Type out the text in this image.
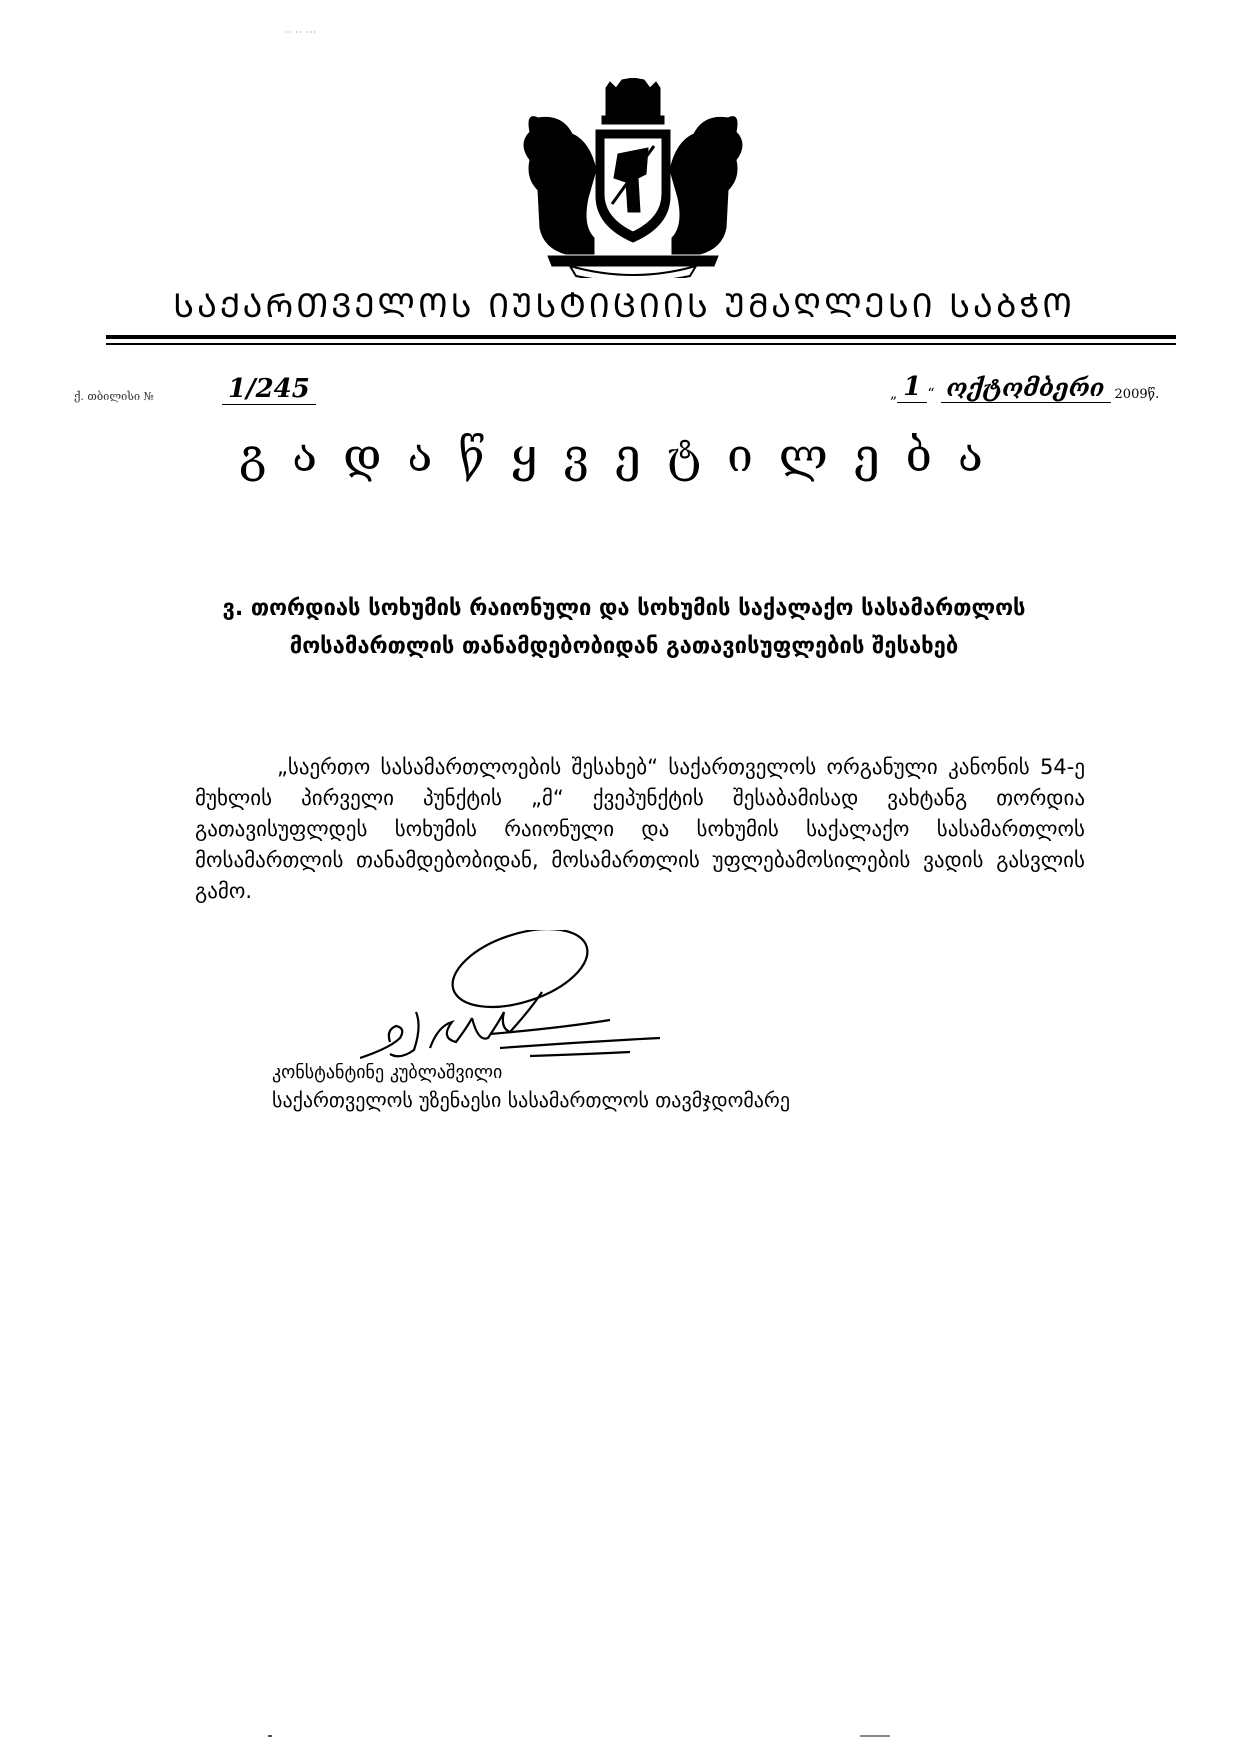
·· ·· ···
ᲡᲐᲥᲐᲠᲗᲕᲔᲚᲝᲡ ᲘᲣᲡᲢᲘᲪᲘᲘᲡ ᲣᲛᲐᲦᲚᲔᲡᲘ ᲡᲐᲑᲭᲝ
ქ. თბილისი №	1/245	„ 1 “ ოქტომბერი 2009წ.
გადაწყვეტილება
ვ. თორდიას სოხუმის რაიონული და სოხუმის საქალაქო სასამართლოს
მოსამართლის თანამდებობიდან გათავისუფლების შესახებ
„საერთო სასამართლოების შესახებ“ საქართველოს ორგანული კანონის 54-ე მუხლის პირველი პუნქტის „მ“ ქვეპუნქტის შესაბამისად ვახტანგ თორდია გათავისუფლდეს სოხუმის რაიონული და სოხუმის საქალაქო სასამართლოს მოსამართლის თანამდებობიდან, მოსამართლის უფლებამოსილების ვადის გასვლის გამო.
კონსტანტინე კუბლაშვილი
საქართველოს უზენაესი სასამართლოს თავმჯდომარე
